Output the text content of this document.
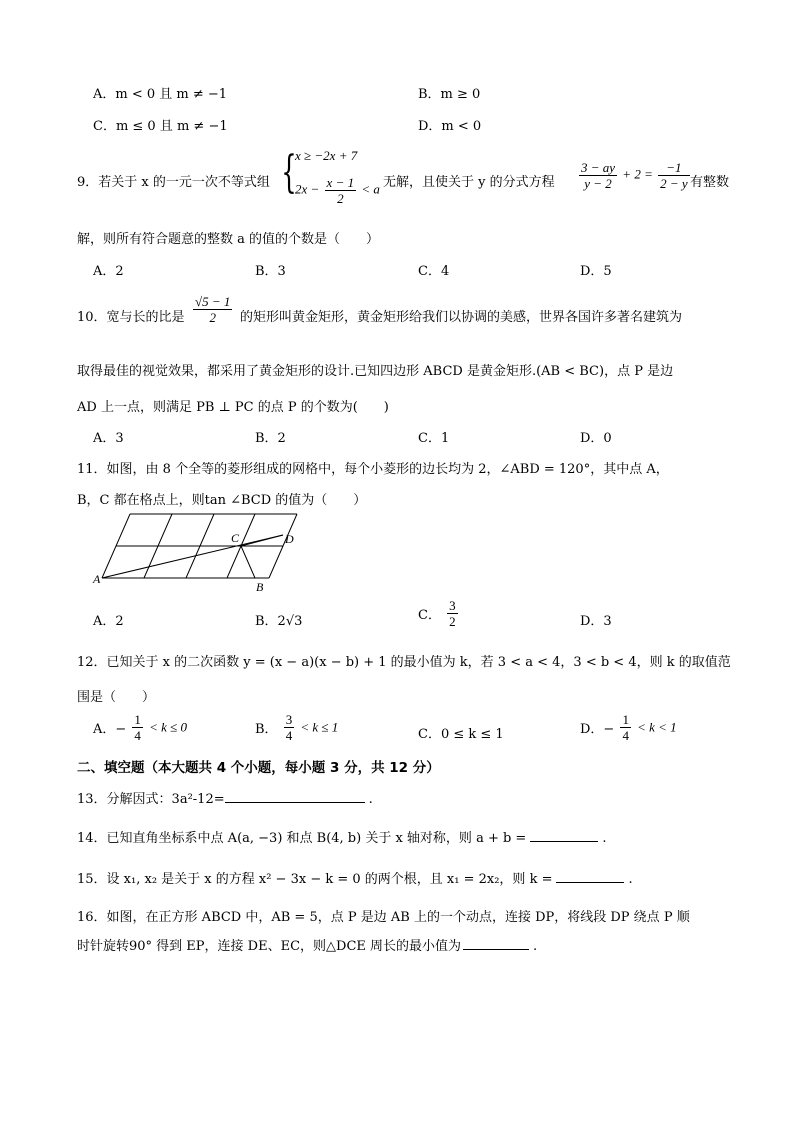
A．m < 0 且 m ≠ −1	B．m ≥ 0
C．m ≤ 0 且 m ≠ −1	D．m < 0
9．若关于 x 的一元一次不等式组 {
x ≥ −2x + 7
$2x - \frac{x - 1}{2} < a$ 无解，且使关于 y 的分式方程 $\frac{3 - ay}{y - 2} + 2 = \frac{-1}{2 - y}$ 有整数
解，则所有符合题意的整数 a 的值的个数是（　　）
A．2	B．3	C．4	D．5
10．宽与长的比是 $\frac{√5 - 1}{2}$ 的矩形叫黄金矩形，黄金矩形给我们以协调的美感，世界各国许多著名建筑为
取得最佳的视觉效果，都采用了黄金矩形的设计.已知四边形 ABCD 是黄金矩形.(AB < BC)，点 P 是边
AD 上一点，则满足 PB ⊥ PC 的点 P 的个数为(　　)
A．3	B．2	C．1	D．0
11．如图，由 8 个全等的菱形组成的网格中，每个小菱形的边长均为 2，∠ABD = 120°，其中点 A，
B，C 都在格点上，则tan ∠BCD 的值为（　　）
A
B
C	D
A．2	B．2√3	C． $\frac{3}{2}$	D．3
12．已知关于 x 的二次函数 y = (x − a)(x − b) + 1 的最小值为 k，若 3 < a < 4，3 < b < 4，则 k 的取值范
围是（　　）
A．− $\frac{1}{4} < k \le 0$	B． $\frac{3}{4} < k \le 1$	C．0 ≤ k ≤ 1	D．− $\frac{1}{4} < k < 1$
二、填空题（本大题共 4 个小题，每小题 3 分，共 12 分）
13．分解因式：3a²-12=	.
14．已知直角坐标系中点 A(a, −3) 和点 B(4, b) 关于 x 轴对称，则 a + b =	.
15．设 x₁, x₂ 是关于 x 的方程 x² − 3x − k = 0 的两个根，且 x₁ = 2x₂，则 k =	.
16．如图，在正方形 ABCD 中，AB = 5，点 P 是边 AB 上的一个动点，连接 DP，将线段 DP 绕点 P 顺
时针旋转90° 得到 EP，连接 DE、EC，则△DCE 周长的最小值为	.
